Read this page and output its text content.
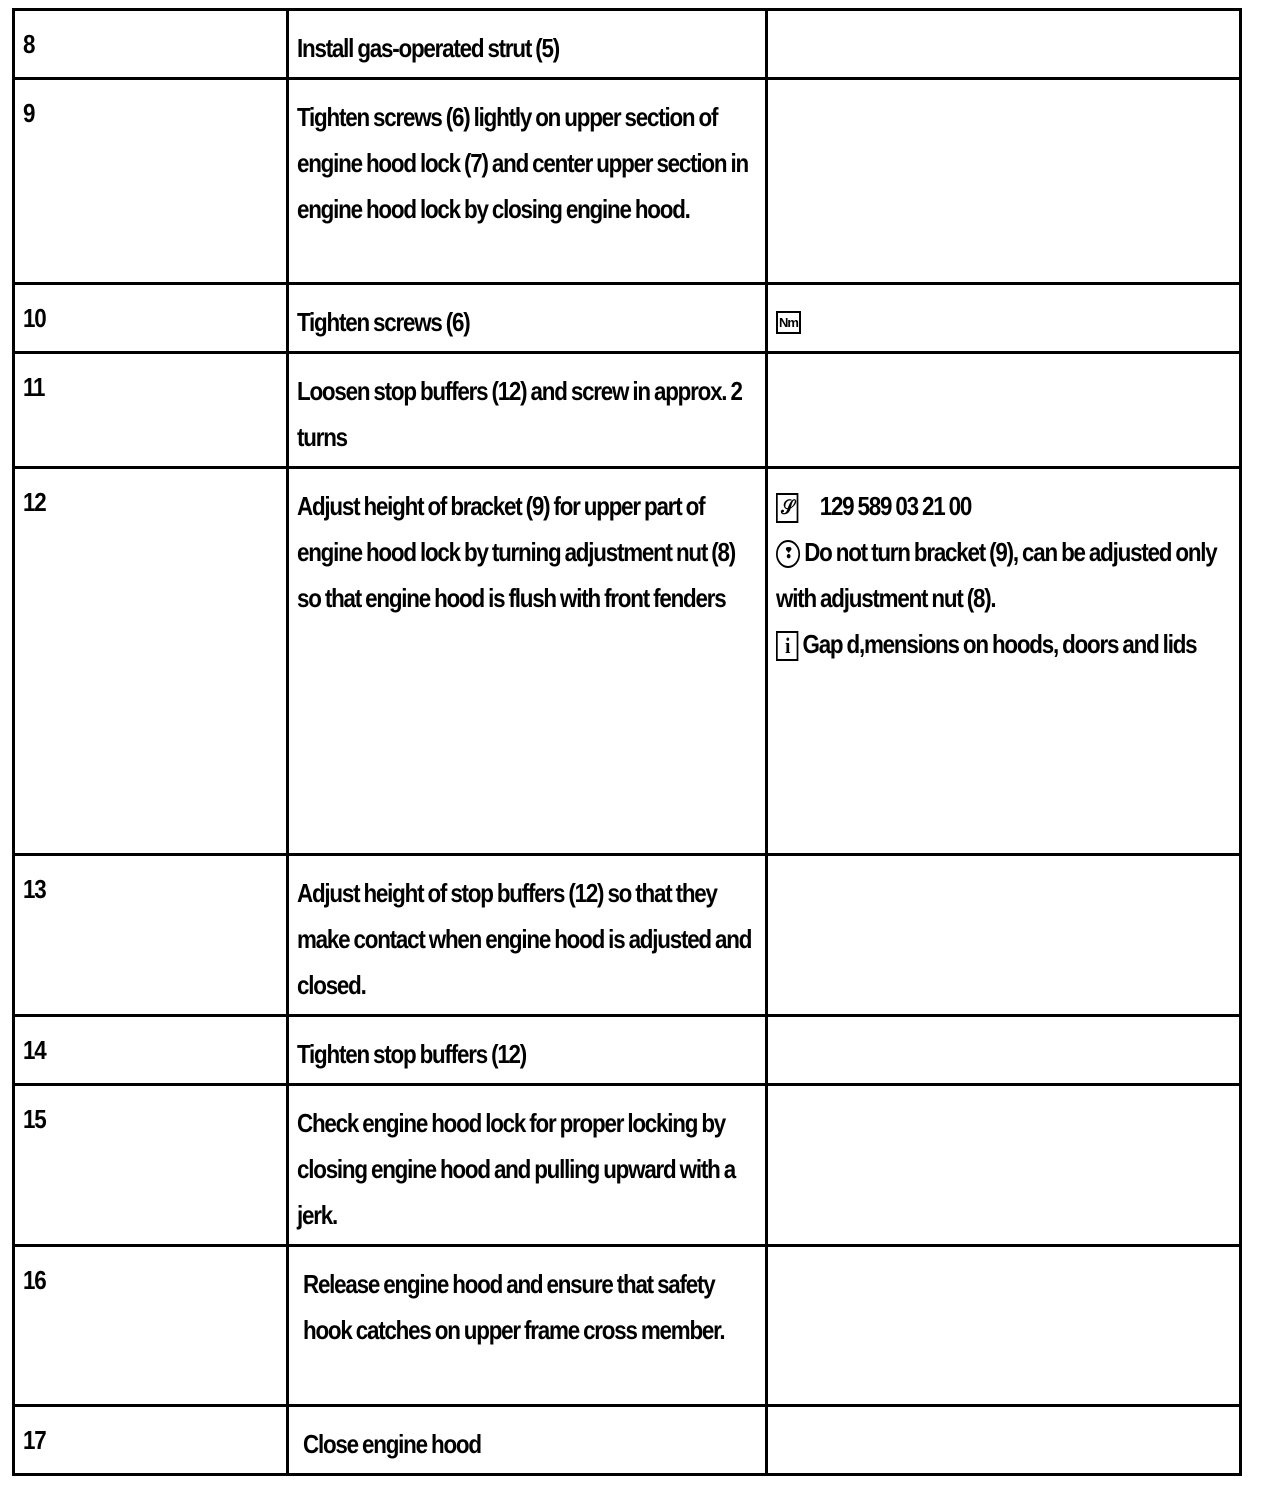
8	Install gas-operated strut (5)	
9	Tighten screws (6) lightly on upper section of engine hood lock (7) and center upper section in engine hood lock by closing engine hood.	
10	Tighten screws (6)	Nm
11	Loosen stop buffers (12) and screw in approx. 2 turns	
12	Adjust height of bracket (9) for upper part of engine hood lock by turning adjustment nut (8) so that engine hood is flush with front fenders	𝒮 129 589 03 21 00
❢ Do not turn bracket (9), can be adjusted only with adjustment nut (8).
i Gap d,mensions on hoods, doors and lids

13	Adjust height of stop buffers (12) so that they make contact when engine hood is adjusted and closed.	
14	Tighten stop buffers (12)	
15	Check engine hood lock for proper locking by closing engine hood and pulling upward with a jerk.	
16	Release engine hood and ensure that safety hook catches on upper frame cross member.	
17	Close engine hood	
